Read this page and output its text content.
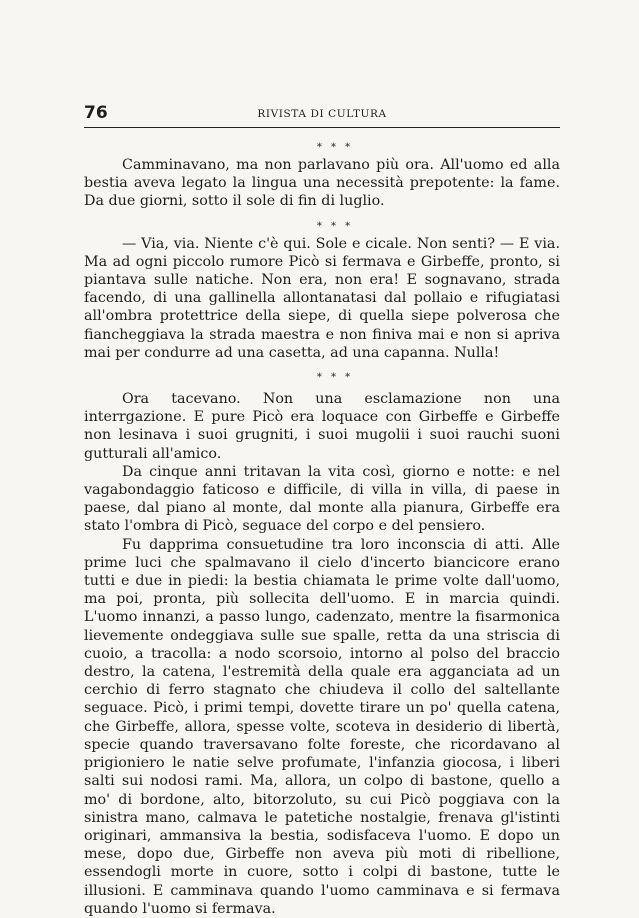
76	RIVISTA DI CULTURA
* * *

Camminavano, ma non parlavano più ora. All'uomo ed alla bestia aveva legato la lingua una necessità prepotente: la fame. Da due giorni, sotto il sole di fin di luglio.

* * *

— Via, via. Niente c'è qui. Sole e cicale. Non senti? — E via. Ma ad ogni piccolo rumore Picò si fermava e Girbeffe, pronto, si piantava sulle natiche. Non era, non era! E sognavano, strada facendo, di una gallinella allontanatasi dal pollaio e rifugiatasi all'ombra protettrice della siepe, di quella siepe polverosa che fiancheggiava la strada maestra e non finiva mai e non si apriva mai per condurre ad una casetta, ad una capanna. Nulla!

* * *

Ora tacevano. Non una esclamazione non una interrgazione. E pure Picò era loquace con Girbeffe e Girbeffe non lesinava i suoi grugniti, i suoi mugolii i suoi rauchi suoni gutturali all'amico.

Da cinque anni tritavan la vita così, giorno e notte: e nel vagabondaggio faticoso e difficile, di villa in villa, di paese in paese, dal piano al monte, dal monte alla pianura, Girbeffe era stato l'ombra di Picò, seguace del corpo e del pensiero.

Fu dapprima consuetudine tra loro inconscia di atti. Alle prime luci che spalmavano il cielo d'incerto biancicore erano tutti e due in piedi: la bestia chiamata le prime volte dall'uomo, ma poi, pronta, più sollecita dell'uomo. E in marcia quindi. L'uomo innanzi, a passo lungo, cadenzato, mentre la fisarmonica lievemente ondeggiava sulle sue spalle, retta da una striscia di cuoio, a tracolla: a nodo scorsoio, intorno al polso del braccio destro, la catena, l'estremità della quale era agganciata ad un cerchio di ferro stagnato che chiudeva il collo del saltellante seguace. Picò, i primi tempi, dovette tirare un po' quella catena, che Girbeffe, allora, spesse volte, scoteva in desiderio di libertà, specie quando traversavano folte foreste, che ricordavano al prigioniero le natie selve profumate, l'infanzia giocosa, i liberi salti sui nodosi rami. Ma, allora, un colpo di bastone, quello a mo' di bordone, alto, bitorzoluto, su cui Picò poggiava con la sinistra mano, calmava le patetiche nostalgie, frenava gl'istinti originari, ammansiva la bestia, sodisfaceva l'uomo. E dopo un mese, dopo due, Girbeffe non aveva più moti di ribellione, essendogli morte in cuore, sotto i colpi di bastone, tutte le illusioni. E camminava quando l'uomo camminava e si fermava quando l'uomo si fermava.
